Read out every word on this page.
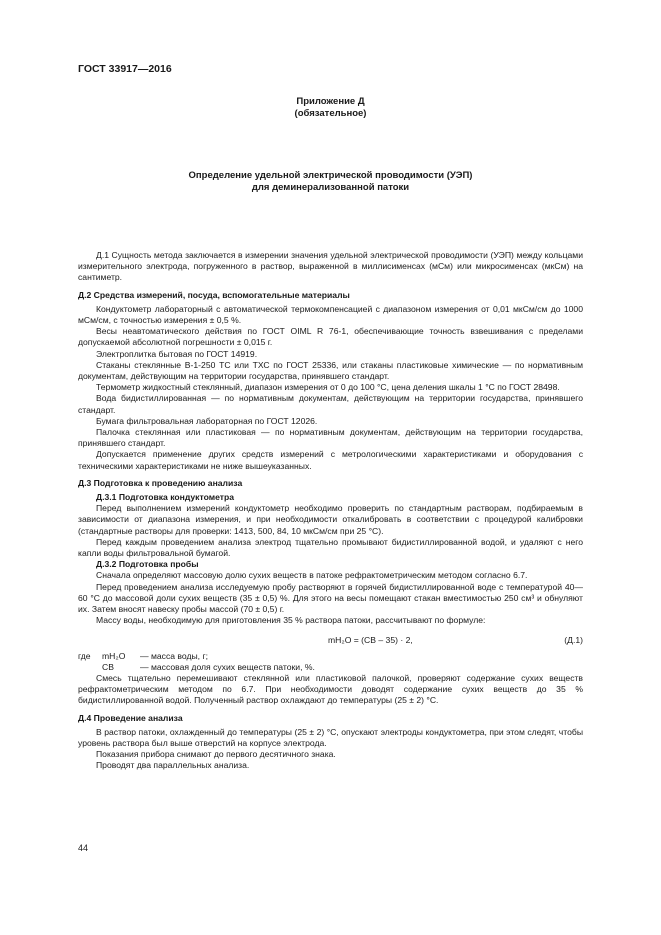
ГОСТ 33917—2016
Приложение Д
(обязательное)
Определение удельной электрической проводимости (УЭП)
для деминерализованной патоки

Д.1 Сущность метода заключается в измерении значения удельной электрической проводимости (УЭП) между кольцами измерительного электрода, погруженного в раствор, выраженной в миллисименсах (мСм) или микросименсах (мкСм) на сантиметр.

Д.2 Средства измерений, посуда, вспомогательные материалы

Кондуктометр лабораторный с автоматической термокомпенсацией с диапазоном измерения от 0,01 мкСм/см до 1000 мСм/см, с точностью измерения ± 0,5 %.

Весы неавтоматического действия по ГОСТ OIML R 76-1, обеспечивающие точность взвешивания с пределами допускаемой абсолютной погрешности ± 0,015 г.

Электроплитка бытовая по ГОСТ 14919.

Стаканы стеклянные В-1-250 ТС или ТХС по ГОСТ 25336, или стаканы пластиковые химические — по нормативным документам, действующим на территории государства, принявшего стандарт.

Термометр жидкостный стеклянный, диапазон измерения от 0 до 100 °С, цена деления шкалы 1 °С по ГОСТ 28498.

Вода бидистиллированная — по нормативным документам, действующим на территории государства, принявшего стандарт.

Бумага фильтровальная лабораторная по ГОСТ 12026.

Палочка стеклянная или пластиковая — по нормативным документам, действующим на территории государства, принявшего стандарт.

Допускается применение других средств измерений с метрологическими характеристиками и оборудования с техническими характеристиками не ниже вышеуказанных.

Д.3 Подготовка к проведению анализа

Д.3.1 Подготовка кондуктометра

Перед выполнением измерений кондуктометр необходимо проверить по стандартным растворам, подбираемым в зависимости от диапазона измерения, и при необходимости откалибровать в соответствии с процедурой калибровки (стандартные растворы для проверки: 1413, 500, 84, 10 мкСм/см при 25 °С).

Перед каждым проведением анализа электрод тщательно промывают бидистиллированной водой, и удаляют с него капли воды фильтровальной бумагой.

Д.3.2 Подготовка пробы

Сначала определяют массовую долю сухих веществ в патоке рефрактометрическим методом согласно 6.7.

Перед проведением анализа исследуемую пробу растворяют в горячей бидистиллированной воде с температурой 40—60 °С до массовой доли сухих веществ (35 ± 0,5) %. Для этого на весы помещают стакан вместимостью 250 см³ и обнуляют их. Затем вносят навеску пробы массой (70 ± 0,5) г.

Массу воды, необходимую для приготовления 35 % раствора патоки, рассчитывают по формуле:

mH₂O = (СВ – 35) · 2,	(Д.1)
где	mH₂O	— масса воды, г;
СВ	— массовая доля сухих веществ патоки, %.

Смесь тщательно перемешивают стеклянной или пластиковой палочкой, проверяют содержание сухих веществ рефрактометрическим методом по 6.7. При необходимости доводят содержание сухих веществ до 35 % бидистиллированной водой. Полученный раствор охлаждают до температуры (25 ± 2) °С.

Д.4 Проведение анализа

В раствор патоки, охлажденный до температуры (25 ± 2) °С, опускают электроды кондуктометра, при этом следят, чтобы уровень раствора был выше отверстий на корпусе электрода.

Показания прибора снимают до первого десятичного знака.

Проводят два параллельных анализа.

44
